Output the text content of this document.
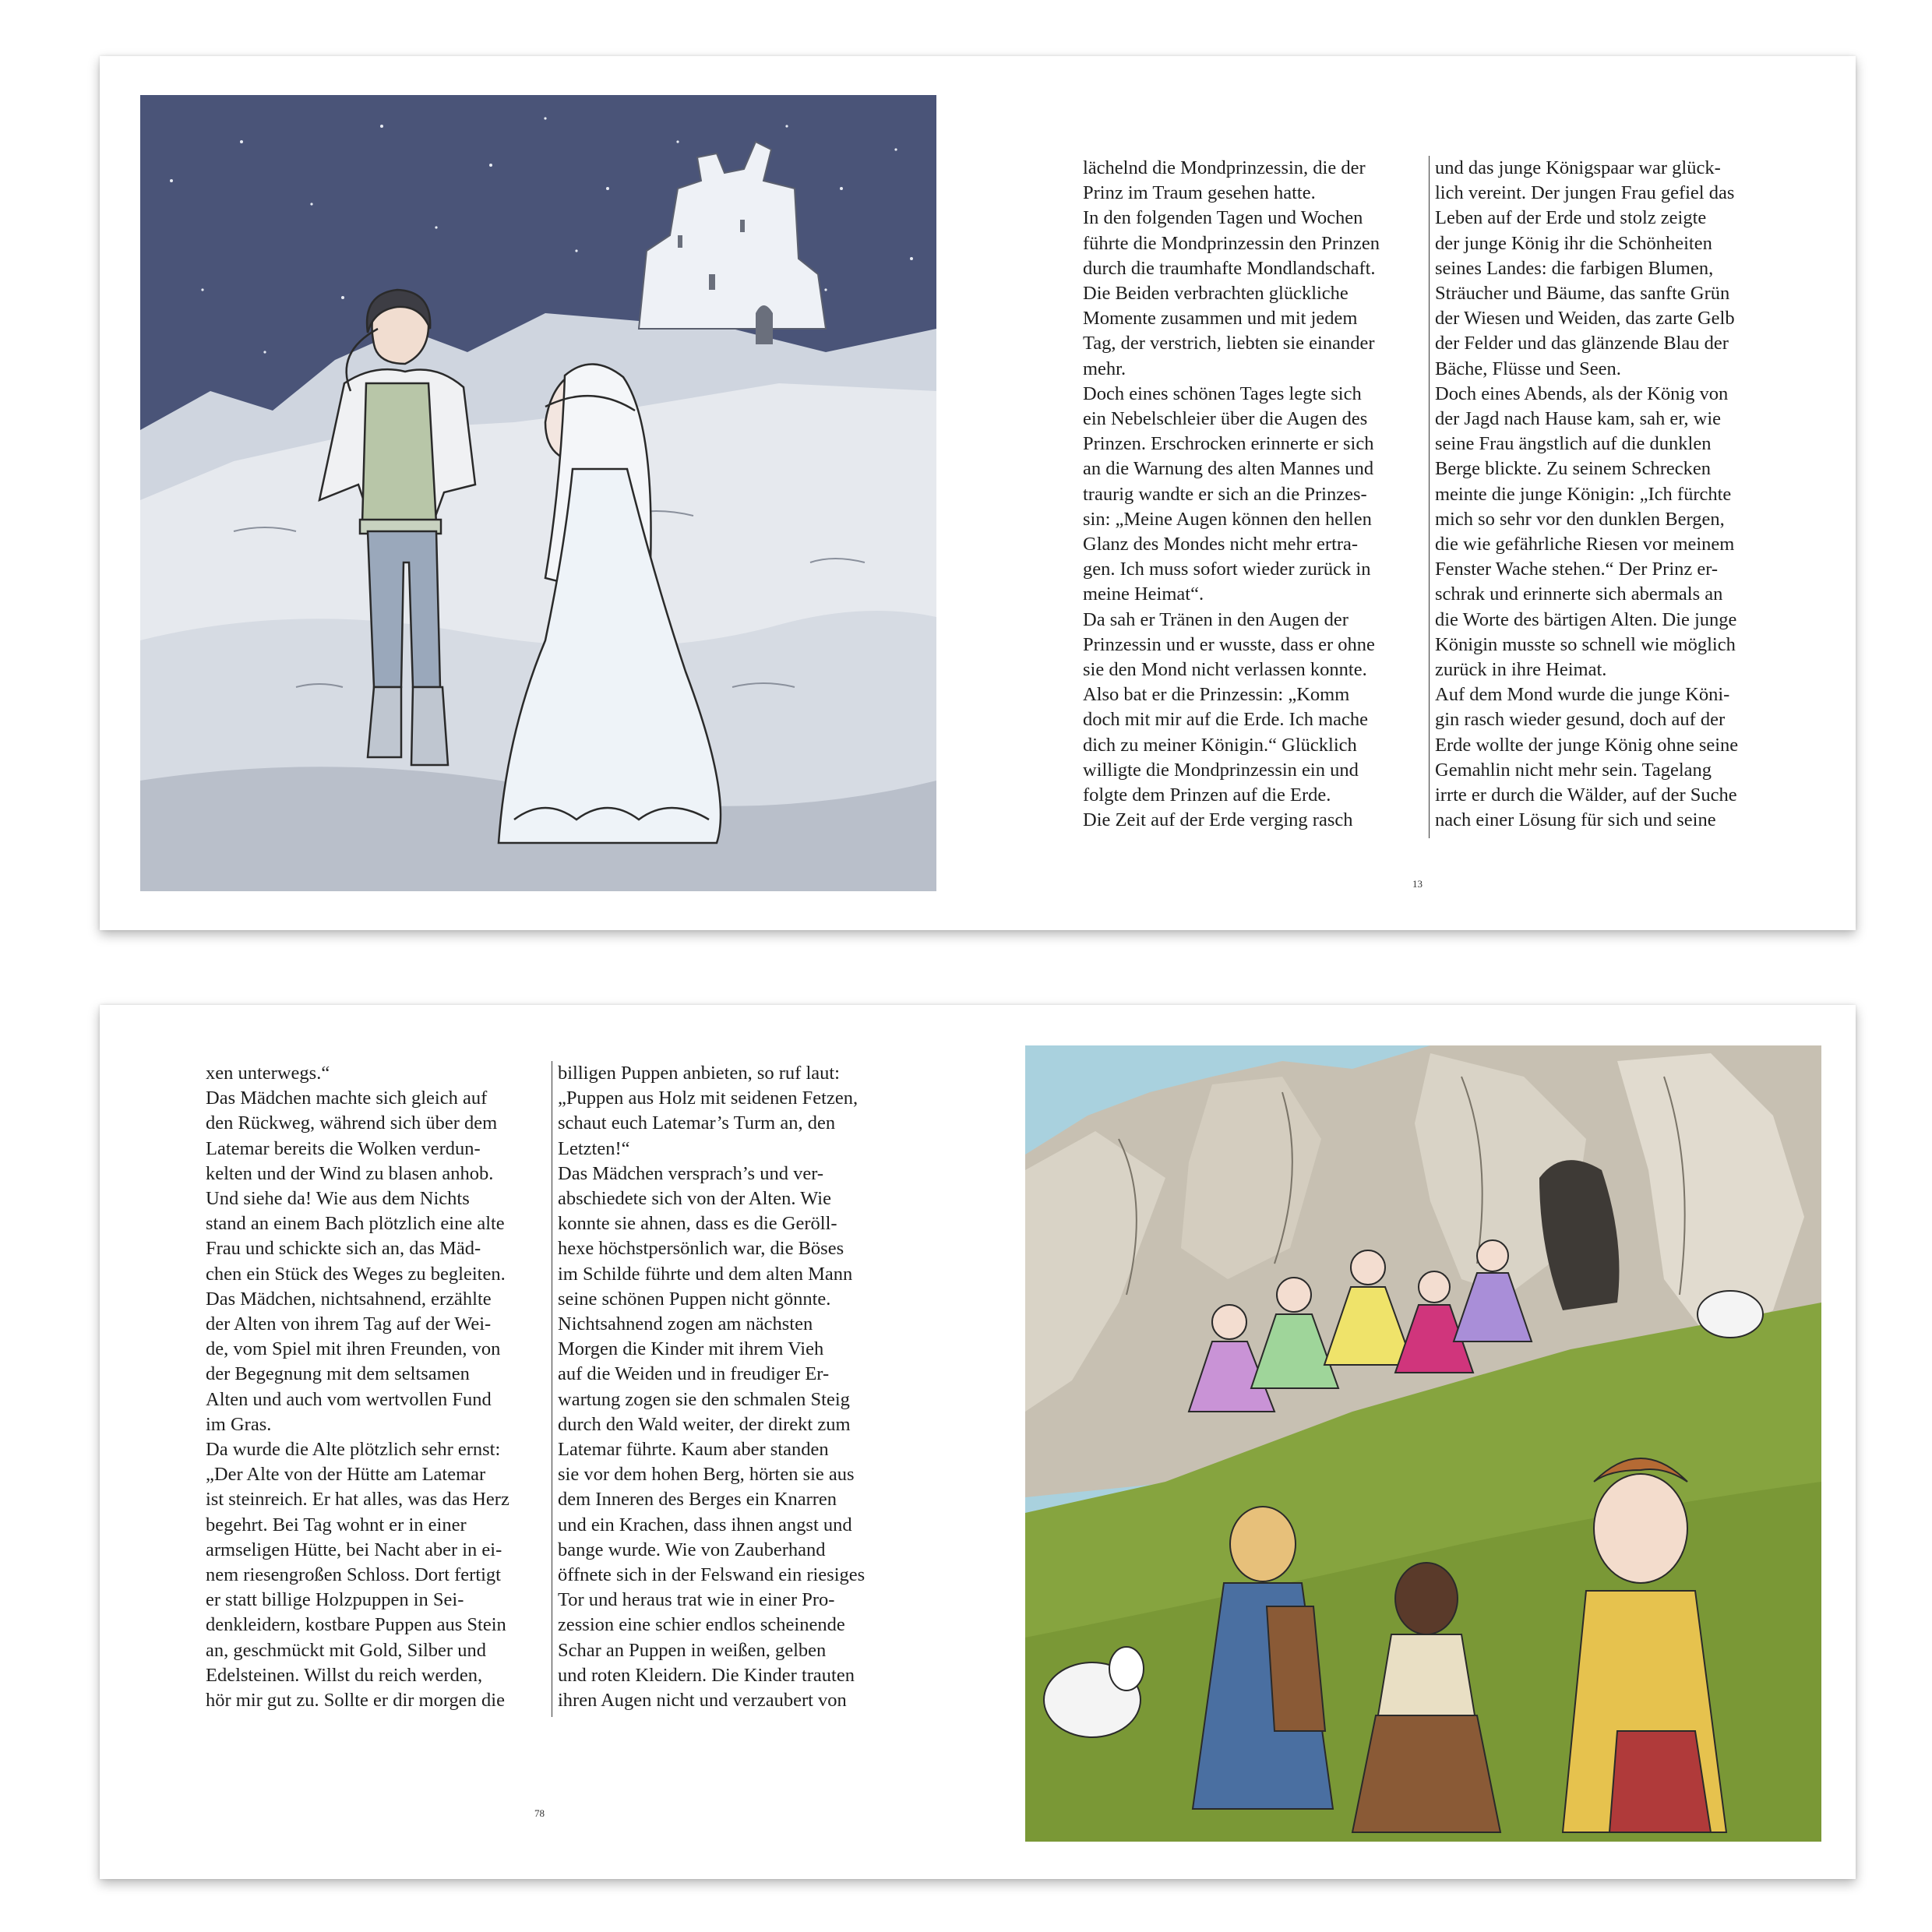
lächelnd die Mondprinzessin, die der

Prinz im Traum gesehen hatte.

In den folgenden Tagen und Wochen

führte die Mondprinzessin den Prinzen

durch die traumhafte Mondlandschaft.

Die Beiden verbrachten glückliche

Momente zusammen und mit jedem

Tag, der verstrich, liebten sie einander

mehr.

Doch eines schönen Tages legte sich

ein Nebelschleier über die Augen des

Prinzen. Erschrocken erinnerte er sich

an die Warnung des alten Mannes und

traurig wandte er sich an die Prinzes-

sin: „Meine Augen können den hellen

Glanz des Mondes nicht mehr ertra-

gen. Ich muss sofort wieder zurück in

meine Heimat“.

Da sah er Tränen in den Augen der

Prinzessin und er wusste, dass er ohne

sie den Mond nicht verlassen konnte.

Also bat er die Prinzessin: „Komm

doch mit mir auf die Erde. Ich mache

dich zu meiner Königin.“ Glücklich

willigte die Mondprinzessin ein und

folgte dem Prinzen auf die Erde.

Die Zeit auf der Erde verging rasch

und das junge Königspaar war glück-

lich vereint. Der jungen Frau gefiel das

Leben auf der Erde und stolz zeigte

der junge König ihr die Schönheiten

seines Landes: die farbigen Blumen,

Sträucher und Bäume, das sanfte Grün

der Wiesen und Weiden, das zarte Gelb

der Felder und das glänzende Blau der

Bäche, Flüsse und Seen.

Doch eines Abends, als der König von

der Jagd nach Hause kam, sah er, wie

seine Frau ängstlich auf die dunklen

Berge blickte. Zu seinem Schrecken

meinte die junge Königin: „Ich fürchte

mich so sehr vor den dunklen Bergen,

die wie gefährliche Riesen vor meinem

Fenster Wache stehen.“ Der Prinz er-

schrak und erinnerte sich abermals an

die Worte des bärtigen Alten. Die junge

Königin musste so schnell wie möglich

zurück in ihre Heimat.

Auf dem Mond wurde die junge Köni-

gin rasch wieder gesund, doch auf der

Erde wollte der junge König ohne seine

Gemahlin nicht mehr sein. Tagelang

irrte er durch die Wälder, auf der Suche

nach einer Lösung für sich und seine

13

xen unterwegs.“

Das Mädchen machte sich gleich auf

den Rückweg, während sich über dem

Latemar bereits die Wolken verdun-

kelten und der Wind zu blasen anhob.

Und siehe da! Wie aus dem Nichts

stand an einem Bach plötzlich eine alte

Frau und schickte sich an, das Mäd-

chen ein Stück des Weges zu begleiten.

Das Mädchen, nichtsahnend, erzählte

der Alten von ihrem Tag auf der Wei-

de, vom Spiel mit ihren Freunden, von

der Begegnung mit dem seltsamen

Alten und auch vom wertvollen Fund

im Gras.

Da wurde die Alte plötzlich sehr ernst:

„Der Alte von der Hütte am Latemar

ist steinreich. Er hat alles, was das Herz

begehrt. Bei Tag wohnt er in einer

armseligen Hütte, bei Nacht aber in ei-

nem riesengroßen Schloss. Dort fertigt

er statt billige Holzpuppen in Sei-

denkleidern, kostbare Puppen aus Stein

an, geschmückt mit Gold, Silber und

Edelsteinen. Willst du reich werden,

hör mir gut zu. Sollte er dir morgen die

billigen Puppen anbieten, so ruf laut:

„Puppen aus Holz mit seidenen Fetzen,

schaut euch Latemar’s Turm an, den

Letzten!“

Das Mädchen versprach’s und ver-

abschiedete sich von der Alten. Wie

konnte sie ahnen, dass es die Geröll-

hexe höchstpersönlich war, die Böses

im Schilde führte und dem alten Mann

seine schönen Puppen nicht gönnte.

Nichtsahnend zogen am nächsten

Morgen die Kinder mit ihrem Vieh

auf die Weiden und in freudiger Er-

wartung zogen sie den schmalen Steig

durch den Wald weiter, der direkt zum

Latemar führte. Kaum aber standen

sie vor dem hohen Berg, hörten sie aus

dem Inneren des Berges ein Knarren

und ein Krachen, dass ihnen angst und

bange wurde. Wie von Zauberhand

öffnete sich in der Felswand ein riesiges

Tor und heraus trat wie in einer Pro-

zession eine schier endlos scheinende

Schar an Puppen in weißen, gelben

und roten Kleidern. Die Kinder trauten

ihren Augen nicht und verzaubert von

78
